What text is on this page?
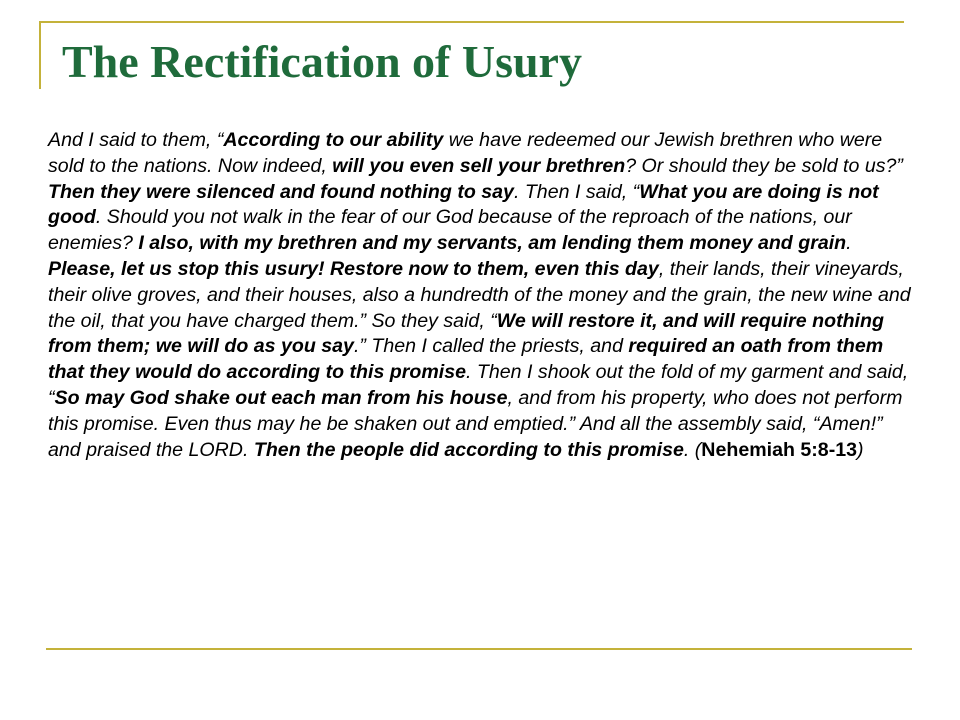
The Rectification of Usury

And I said to them, “According to our ability we have redeemed our Jewish brethren who were sold to the nations. Now indeed, will you even sell your brethren? Or should they be sold to us?” Then they were silenced and found nothing to say. Then I said, “What you are doing is not good. Should you not walk in the fear of our God because of the reproach of the nations, our enemies? I also, with my brethren and my servants, am lending them money and grain. Please, let us stop this usury! Restore now to them, even this day, their lands, their vineyards, their olive groves, and their houses, also a hundredth of the money and the grain, the new wine and the oil, that you have charged them.” So they said, “We will restore it, and will require nothing from them; we will do as you say.” Then I called the priests, and required an oath from them that they would do according to this promise. Then I shook out the fold of my garment and said, “So may God shake out each man from his house, and from his property, who does not perform this promise. Even thus may he be shaken out and emptied.” And all the assembly said, “Amen!” and praised the LORD. Then the people did according to this promise. (Nehemiah 5:8-13)
